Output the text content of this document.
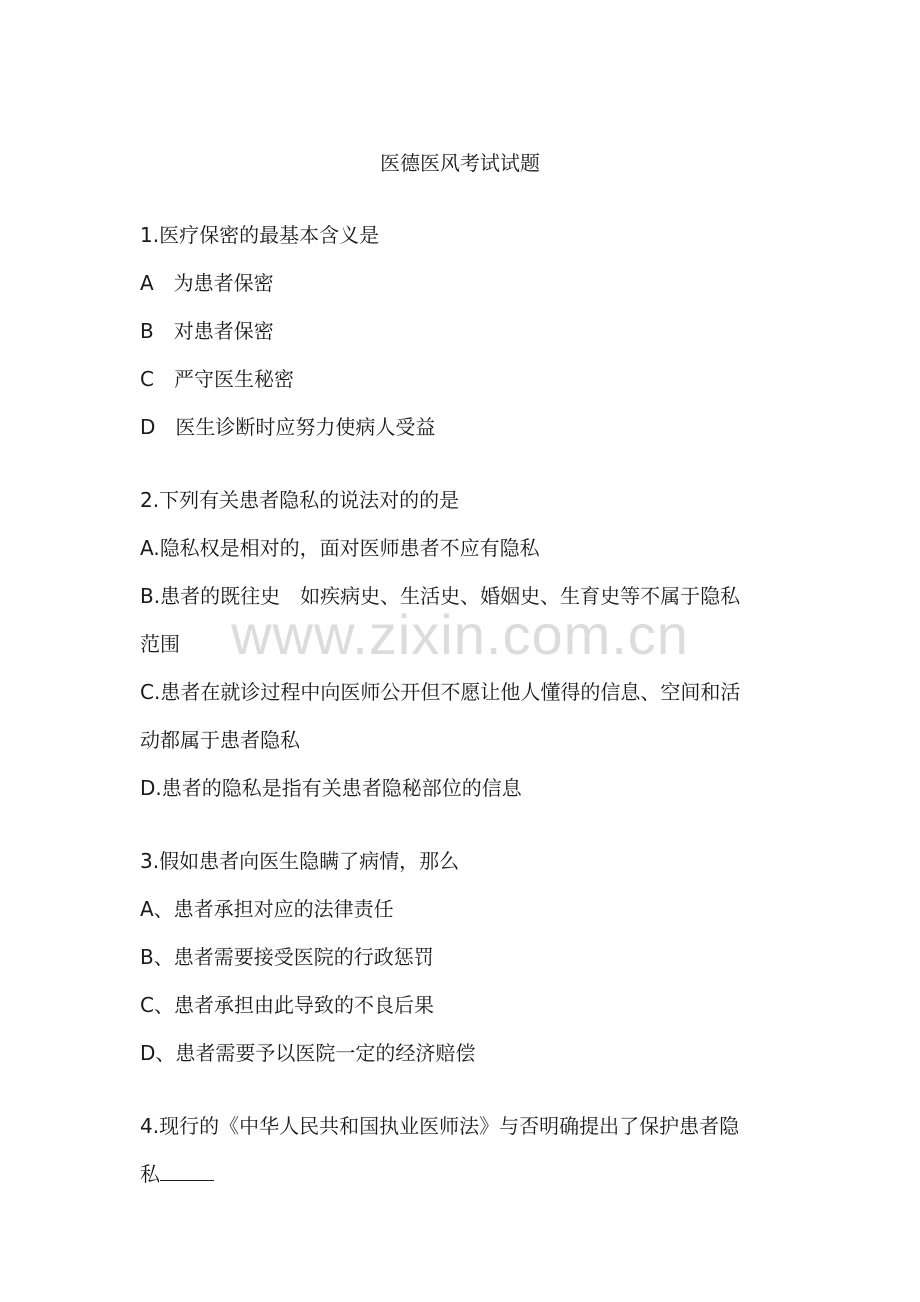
医德医风考试试题
www.zixin.com.cn
1.医疗保密的最基本含义是
A　为患者保密
B　对患者保密
C　严守医生秘密
D　医生诊断时应努力使病人受益
2.下列有关患者隐私的说法对的的是
A.隐私权是相对的，面对医师患者不应有隐私
B.患者的既往史　如疾病史、生活史、婚姻史、生育史等不属于隐私
范围
C.患者在就诊过程中向医师公开但不愿让他人懂得的信息、空间和活
动都属于患者隐私
D.患者的隐私是指有关患者隐秘部位的信息
3.假如患者向医生隐瞒了病情，那么
A、患者承担对应的法律责任
B、患者需要接受医院的行政惩罚
C、患者承担由此导致的不良后果
D、患者需要予以医院一定的经济赔偿
4.现行的《中华人民共和国执业医师法》与否明确提出了保护患者隐
私
